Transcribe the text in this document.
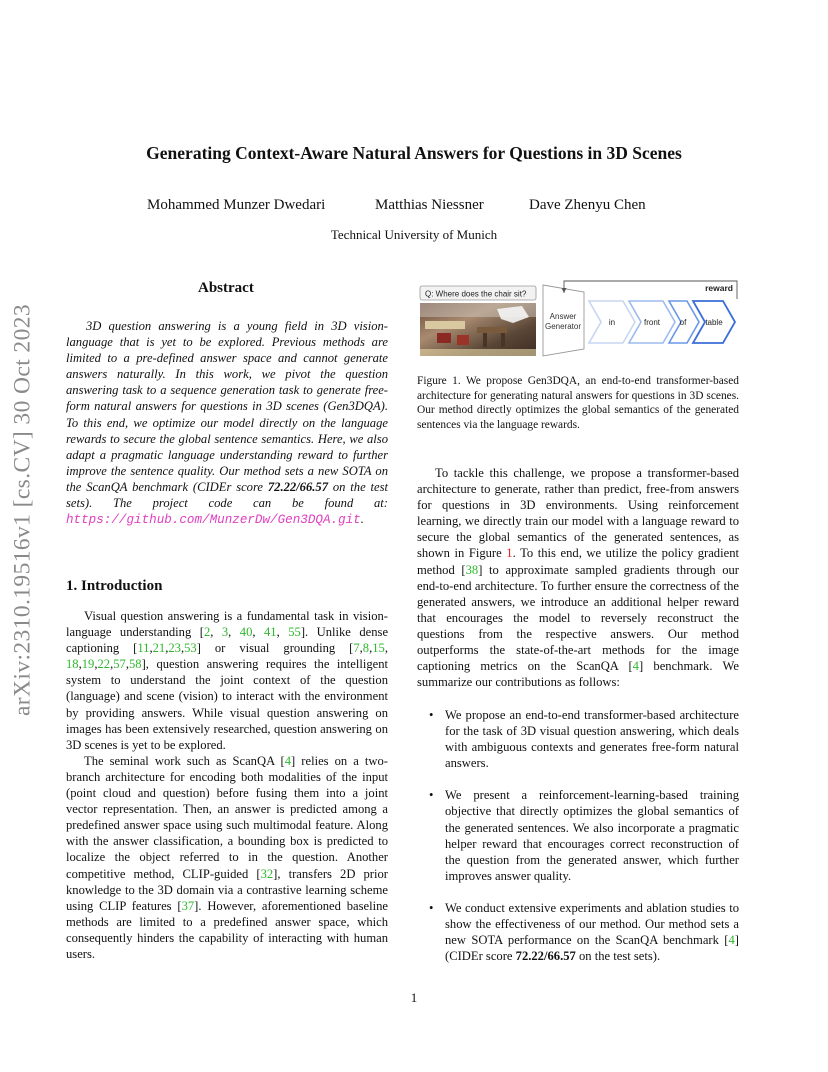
arXiv:2310.19516v1 [cs.CV] 30 Oct 2023
Generating Context-Aware Natural Answers for Questions in 3D Scenes
Mohammed Munzer Dwedari	Matthias Niessner	Dave Zhenyu Chen
Technical University of Munich
Abstract

3D question answering is a young field in 3D vision-language that is yet to be explored. Previous methods are limited to a pre-defined answer space and cannot generate answers naturally. In this work, we pivot the question answering task to a sequence generation task to generate free-form natural answers for questions in 3D scenes (Gen3DQA). To this end, we optimize our model directly on the language rewards to secure the global sentence semantics. Here, we also adapt a pragmatic language understanding reward to further improve the sentence quality. Our method sets a new SOTA on the ScanQA benchmark (CIDEr score 72.22/66.57 on the test sets). The project code can be found at: https://github.com/MunzerDw/Gen3DQA.git.

1. Introduction

Visual question answering is a fundamental task in vision-language understanding [2, 3, 40, 41, 55]. Unlike dense captioning [11,21,23,53] or visual grounding [7,8,15, 18,19,22,57,58], question answering requires the intelligent system to understand the joint context of the question (language) and scene (vision) to interact with the environment by providing answers. While visual question answering on images has been extensively researched, question answering on 3D scenes is yet to be explored.

The seminal work such as ScanQA [4] relies on a two-branch architecture for encoding both modalities of the input (point cloud and question) before fusing them into a joint vector representation. Then, an answer is predicted among a predefined answer space using such multimodal feature. Along with the answer classification, a bounding box is predicted to localize the object referred to in the question. Another competitive method, CLIP-guided [32], transfers 2D prior knowledge to the 3D domain via a contrastive learning scheme using CLIP features [37]. However, aforementioned baseline methods are limited to a predefined answer space, which consequently hinders the capability of interacting with human users.

Q: Where does the chair sit?
Answer
Generator
reward
in	front of table
Figure 1. We propose Gen3DQA, an end-to-end transformer-based architecture for generating natural answers for questions in 3D scenes. Our method directly optimizes the global semantics of the generated sentences via the language rewards.

To tackle this challenge, we propose a transformer-based architecture to generate, rather than predict, free-from answers for questions in 3D environments. Using reinforcement learning, we directly train our model with a language reward to secure the global semantics of the generated sentences, as shown in Figure 1. To this end, we utilize the policy gradient method [38] to approximate sampled gradients through our end-to-end architecture. To further ensure the correctness of the generated answers, we introduce an additional helper reward that encourages the model to reversely reconstruct the questions from the respective answers. Our method outperforms the state-of-the-art methods for the image captioning metrics on the ScanQA [4] benchmark. We summarize our contributions as follows:

• We propose an end-to-end transformer-based architecture for the task of 3D visual question answering, which deals with ambiguous contexts and generates free-form natural answers.
• We present a reinforcement-learning-based training objective that directly optimizes the global semantics of the generated sentences. We also incorporate a pragmatic helper reward that encourages correct reconstruction of the question from the generated answer, which further improves answer quality.
• We conduct extensive experiments and ablation studies to show the effectiveness of our method. Our method sets a new SOTA performance on the ScanQA benchmark [4] (CIDEr score 72.22/66.57 on the test sets).
1
